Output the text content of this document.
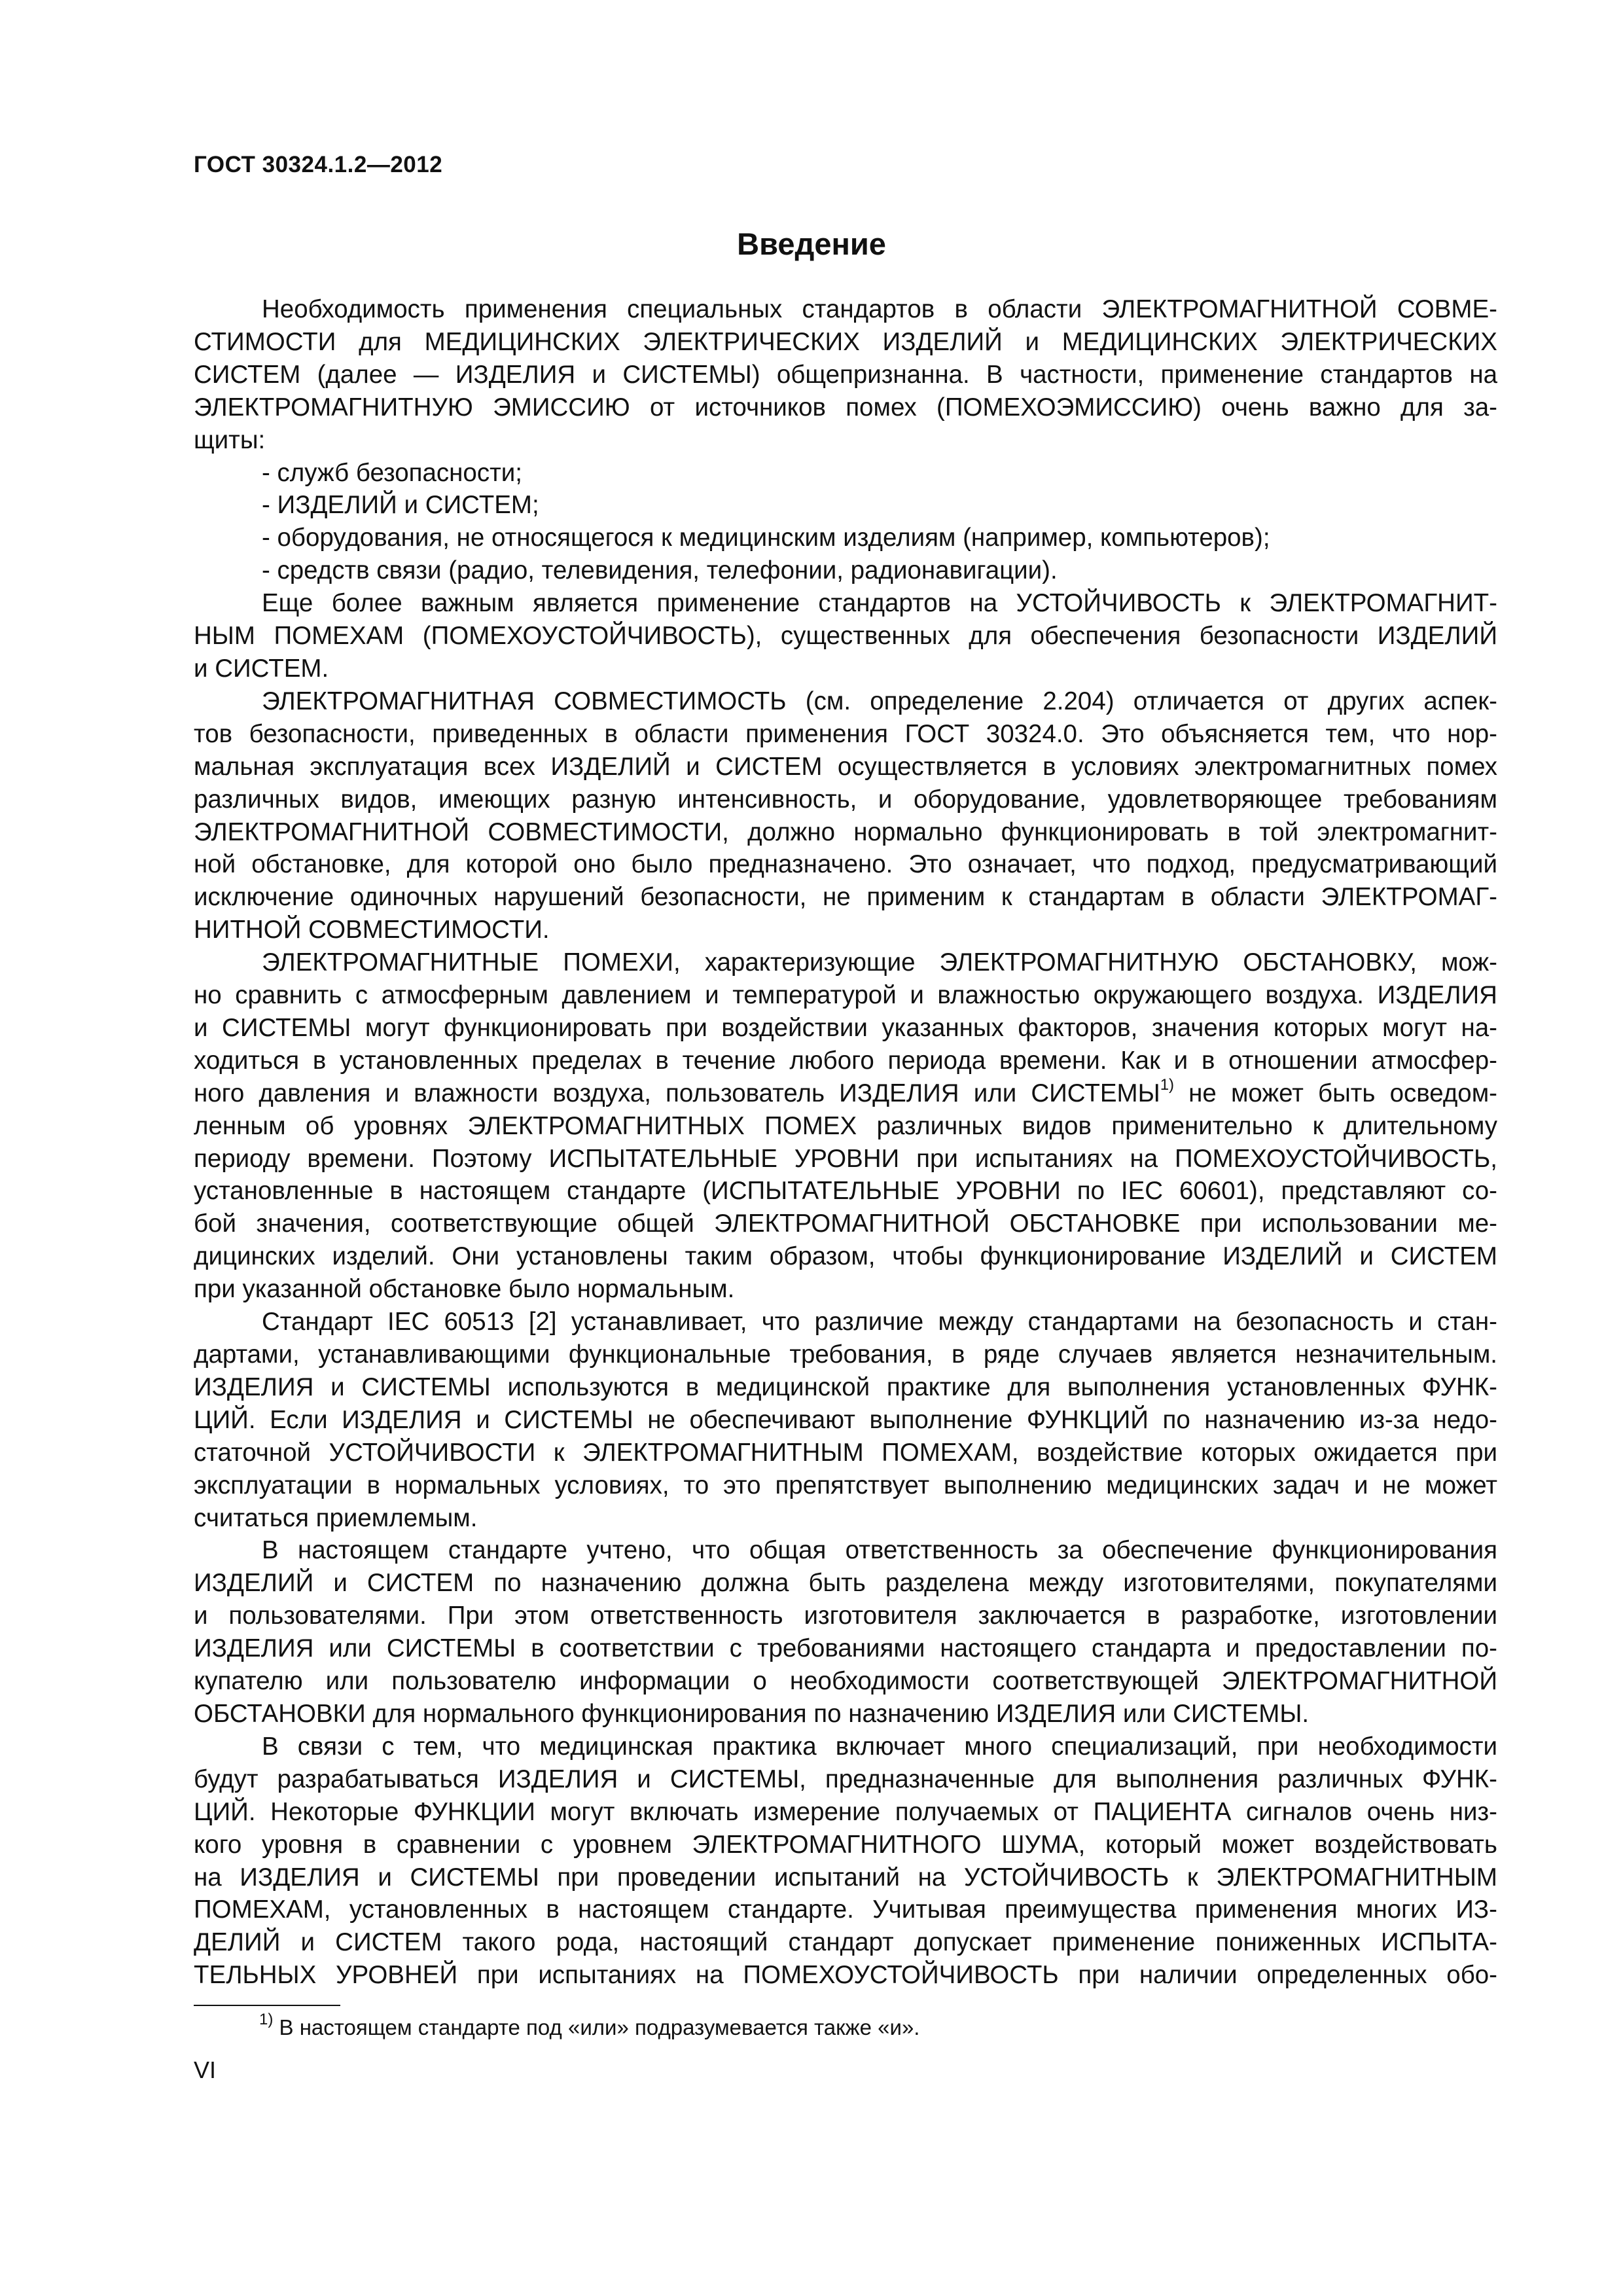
ГОСТ 30324.1.2—2012
Введение

Необходимость применения специальных стандартов в области ЭЛЕКТРОМАГНИТНОЙ СОВМЕ-
СТИМОСТИ для МЕДИЦИНСКИХ ЭЛЕКТРИЧЕСКИХ ИЗДЕЛИЙ и МЕДИЦИНСКИХ ЭЛЕКТРИЧЕСКИХ
СИСТЕМ (далее — ИЗДЕЛИЯ и СИСТЕМЫ) общепризнанна. В частности, применение стандартов на
ЭЛЕКТРОМАГНИТНУЮ ЭМИССИЮ от источников помех (ПОМЕХОЭМИССИЮ) очень важно для за-
щиты:

- служб безопасности;
- ИЗДЕЛИЙ и СИСТЕМ;
- оборудования, не относящегося к медицинским изделиям (например, компьютеров);
- средств связи (радио, телевидения, телефонии, радионавигации).

Еще более важным является применение стандартов на УСТОЙЧИВОСТЬ к ЭЛЕКТРОМАГНИТ-
НЫМ ПОМЕХАМ (ПОМЕХОУСТОЙЧИВОСТЬ), существенных для обеспечения безопасности ИЗДЕЛИЙ
и СИСТЕМ.

ЭЛЕКТРОМАГНИТНАЯ СОВМЕСТИМОСТЬ (см. определение 2.204) отличается от других аспек-
тов безопасности, приведенных в области применения ГОСТ 30324.0. Это объясняется тем, что нор-
мальная эксплуатация всех ИЗДЕЛИЙ и СИСТЕМ осуществляется в условиях электромагнитных помех
различных видов, имеющих разную интенсивность, и оборудование, удовлетворяющее требованиям
ЭЛЕКТРОМАГНИТНОЙ СОВМЕСТИМОСТИ, должно нормально функционировать в той электромагнит-
ной обстановке, для которой оно было предназначено. Это означает, что подход, предусматривающий
исключение одиночных нарушений безопасности, не применим к стандартам в области ЭЛЕКТРОМАГ-
НИТНОЙ СОВМЕСТИМОСТИ.

ЭЛЕКТРОМАГНИТНЫЕ ПОМЕХИ, характеризующие ЭЛЕКТРОМАГНИТНУЮ ОБСТАНОВКУ, мож-
но сравнить с атмосферным давлением и температурой и влажностью окружающего воздуха. ИЗДЕЛИЯ
и СИСТЕМЫ могут функционировать при воздействии указанных факторов, значения которых могут на-
ходиться в установленных пределах в течение любого периода времени. Как и в отношении атмосфер-
ного давления и влажности воздуха, пользователь ИЗДЕЛИЯ или СИСТЕМЫ$^{1)}$ не может быть осведом-
ленным об уровнях ЭЛЕКТРОМАГНИТНЫХ ПОМЕХ различных видов применительно к длительному
периоду времени. Поэтому ИСПЫТАТЕЛЬНЫЕ УРОВНИ при испытаниях на ПОМЕХОУСТОЙЧИВОСТЬ,
установленные в настоящем стандарте (ИСПЫТАТЕЛЬНЫЕ УРОВНИ по IEC 60601), представляют со-
бой значения, соответствующие общей ЭЛЕКТРОМАГНИТНОЙ ОБСТАНОВКЕ при использовании ме-
дицинских изделий. Они установлены таким образом, чтобы функционирование ИЗДЕЛИЙ и СИСТЕМ
при указанной обстановке было нормальным.

Стандарт IEC 60513 [2] устанавливает, что различие между стандартами на безопасность и стан-
дартами, устанавливающими функциональные требования, в ряде случаев является незначительным.
ИЗДЕЛИЯ и СИСТЕМЫ используются в медицинской практике для выполнения установленных ФУНК-
ЦИЙ. Если ИЗДЕЛИЯ и СИСТЕМЫ не обеспечивают выполнение ФУНКЦИЙ по назначению из-за недо-
статочной УСТОЙЧИВОСТИ к ЭЛЕКТРОМАГНИТНЫМ ПОМЕХАМ, воздействие которых ожидается при
эксплуатации в нормальных условиях, то это препятствует выполнению медицинских задач и не может
считаться приемлемым.

В настоящем стандарте учтено, что общая ответственность за обеспечение функционирования
ИЗДЕЛИЙ и СИСТЕМ по назначению должна быть разделена между изготовителями, покупателями
и пользователями. При этом ответственность изготовителя заключается в разработке, изготовлении
ИЗДЕЛИЯ или СИСТЕМЫ в соответствии с требованиями настоящего стандарта и предоставлении по-
купателю или пользователю информации о необходимости соответствующей ЭЛЕКТРОМАГНИТНОЙ
ОБСТАНОВКИ для нормального функционирования по назначению ИЗДЕЛИЯ или СИСТЕМЫ.

В связи с тем, что медицинская практика включает много специализаций, при необходимости
будут разрабатываться ИЗДЕЛИЯ и СИСТЕМЫ, предназначенные для выполнения различных ФУНК-
ЦИЙ. Некоторые ФУНКЦИИ могут включать измерение получаемых от ПАЦИЕНТА сигналов очень низ-
кого уровня в сравнении с уровнем ЭЛЕКТРОМАГНИТНОГО ШУМА, который может воздействовать
на ИЗДЕЛИЯ и СИСТЕМЫ при проведении испытаний на УСТОЙЧИВОСТЬ к ЭЛЕКТРОМАГНИТНЫМ
ПОМЕХАМ, установленных в настоящем стандарте. Учитывая преимущества применения многих ИЗ-
ДЕЛИЙ и СИСТЕМ такого рода, настоящий стандарт допускает применение пониженных ИСПЫТА-
ТЕЛЬНЫХ УРОВНЕЙ при испытаниях на ПОМЕХОУСТОЙЧИВОСТЬ при наличии определенных обо-

$^{1)}$ В настоящем стандарте под «или» подразумевается также «и».
VI
